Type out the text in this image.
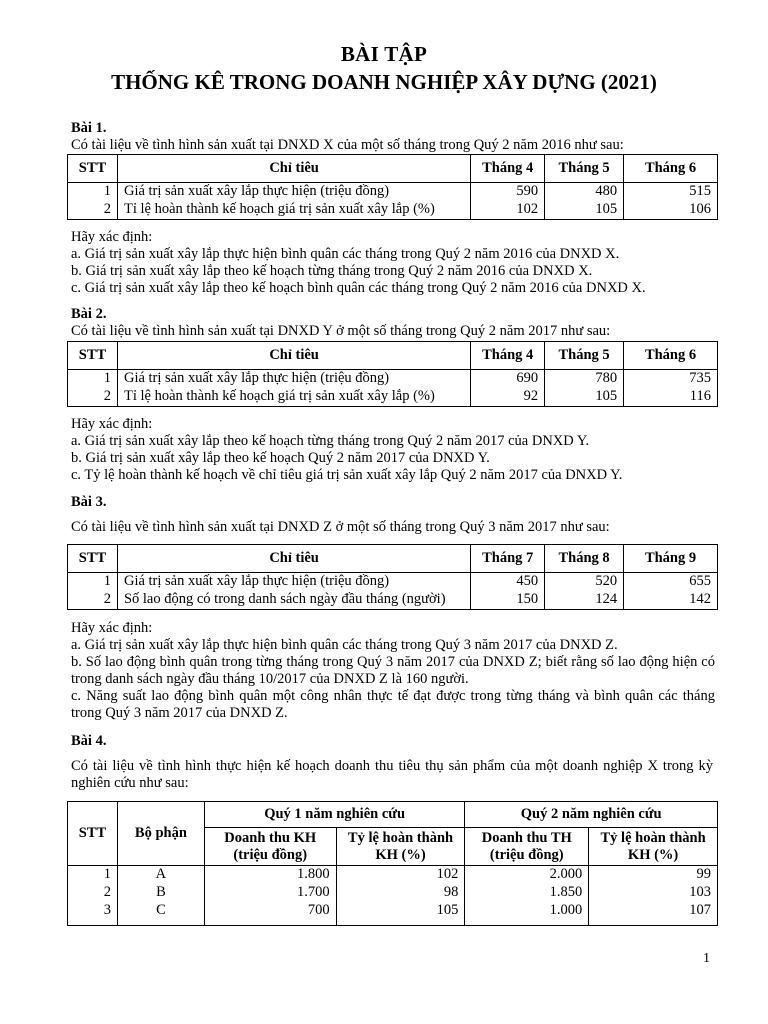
BÀI TẬP
THỐNG KÊ TRONG DOANH NGHIỆP XÂY DỰNG (2021)
Bài 1.
Có tài liệu về tình hình sản xuất tại DNXD X của một số tháng trong Quý 2 năm 2016 như sau:
STT	Chỉ tiêu	Tháng 4	Tháng 5	Tháng 6
1	Giá trị sản xuất xây lắp thực hiện (triệu đồng)	590	480	515
2	Tỉ lệ hoàn thành kế hoạch giá trị sản xuất xây lắp (%)	102	105	106
Hãy xác định:
a. Giá trị sản xuất xây lắp thực hiện bình quân các tháng trong Quý 2 năm 2016 của DNXD X.
b. Giá trị sản xuất xây lắp theo kế hoạch từng tháng trong Quý 2 năm 2016 của DNXD X.
c. Giá trị sản xuất xây lắp theo kế hoạch bình quân các tháng trong Quý 2 năm 2016 của DNXD X.
Bài 2.
Có tài liệu về tình hình sản xuất tại DNXD Y ở một số tháng trong Quý 2 năm 2017 như sau:
STT	Chỉ tiêu	Tháng 4	Tháng 5	Tháng 6
1	Giá trị sản xuất xây lắp thực hiện (triệu đồng)	690	780	735
2	Tỉ lệ hoàn thành kế hoạch giá trị sản xuất xây lắp (%)	92	105	116
Hãy xác định:
a. Giá trị sản xuất xây lắp theo kế hoạch từng tháng trong Quý 2 năm 2017 của DNXD Y.
b. Giá trị sản xuất xây lắp theo kế hoạch Quý 2 năm 2017 của DNXD Y.
c. Tỷ lệ hoàn thành kế hoạch về chỉ tiêu giá trị sản xuất xây lắp Quý 2 năm 2017 của DNXD Y.
Bài 3.
Có tài liệu về tình hình sản xuất tại DNXD Z ở một số tháng trong Quý 3 năm 2017 như sau:
STT	Chỉ tiêu	Tháng 7	Tháng 8	Tháng 9
1	Giá trị sản xuất xây lắp thực hiện (triệu đồng)	450	520	655
2	Số lao động có trong danh sách ngày đầu tháng (người)	150	124	142
Hãy xác định:
a. Giá trị sản xuất xây lắp thực hiện bình quân các tháng trong Quý 3 năm 2017 của DNXD Z.
b. Số lao động bình quân trong từng tháng trong Quý 3 năm 2017 của DNXD Z; biết rằng số lao động hiện có trong danh sách ngày đầu tháng 10/2017 của DNXD Z là 160 người.
c. Năng suất lao động bình quân một công nhân thực tế đạt được trong từng tháng và bình quân các tháng trong Quý 3 năm 2017 của DNXD Z.
Bài 4.
Có tài liệu về tình hình thực hiện kế hoạch doanh thu tiêu thụ sản phẩm của một doanh nghiệp X trong kỳ nghiên cứu như sau:
STT	Bộ phận	Quý 1 năm nghiên cứu		Quý 2 năm nghiên cứu	
		Doanh thu KH (triệu đồng)	Tỷ lệ hoàn thành KH (%)	Doanh thu TH (triệu đồng)	Tỷ lệ hoàn thành KH (%)
1	A	1.800	102	2.000	99
2	B	1.700	98	1.850	103
3	C	700	105	1.000	107
1
